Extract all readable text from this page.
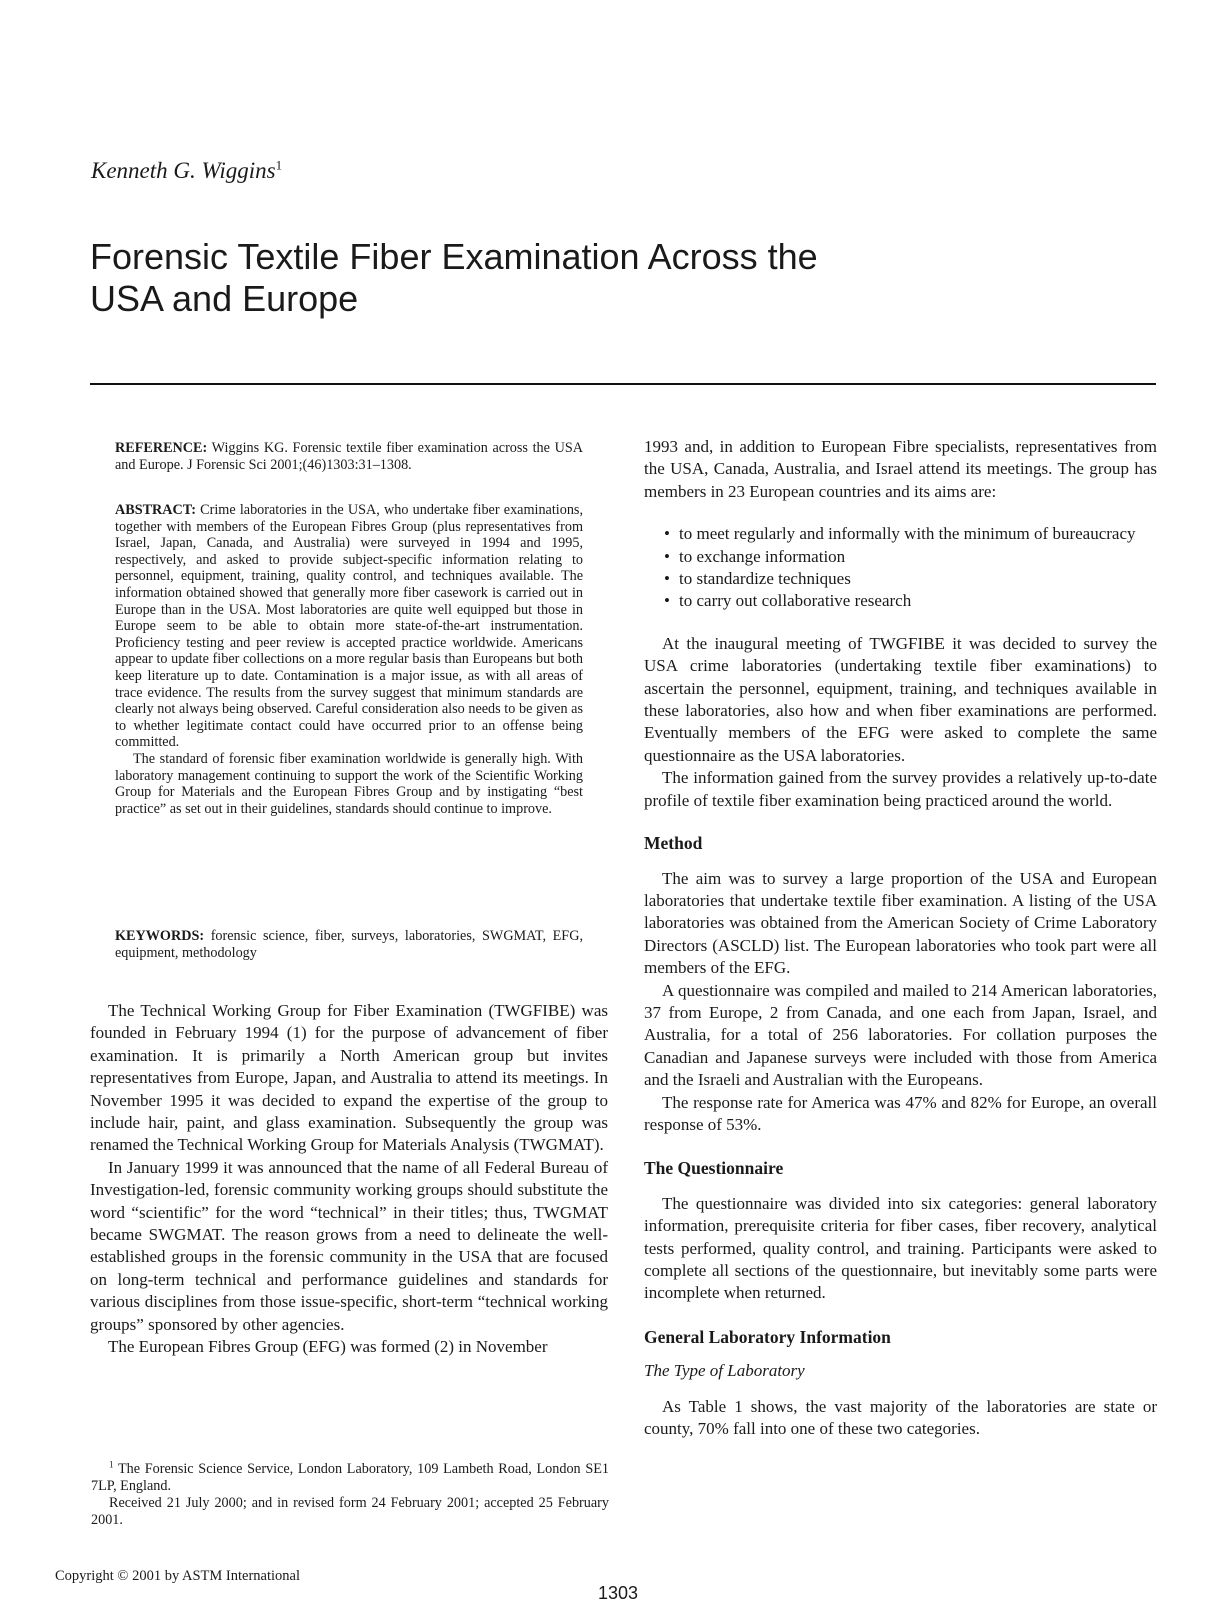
Kenneth G. Wiggins$^1$
Forensic Textile Fiber Examination Across the
USA and Europe

REFERENCE: Wiggins KG. Forensic textile fiber examination across the USA and Europe. J Forensic Sci 2001;(46)1303:31–1308.

ABSTRACT: Crime laboratories in the USA, who undertake fiber examinations, together with members of the European Fibres Group (plus representatives from Israel, Japan, Canada, and Australia) were surveyed in 1994 and 1995, respectively, and asked to provide subject-specific information relating to personnel, equipment, training, quality control, and techniques available. The information obtained showed that generally more fiber casework is carried out in Europe than in the USA. Most laboratories are quite well equipped but those in Europe seem to be able to obtain more state-of-the-art instrumentation. Proficiency testing and peer review is accepted practice worldwide. Americans appear to update fiber collections on a more regular basis than Europeans but both keep literature up to date. Contamination is a major issue, as with all areas of trace evidence. The results from the survey suggest that minimum standards are clearly not always being observed. Careful consideration also needs to be given as to whether legitimate contact could have occurred prior to an offense being committed.

The standard of forensic fiber examination worldwide is generally high. With laboratory management continuing to support the work of the Scientific Working Group for Materials and the European Fibres Group and by instigating “best practice” as set out in their guidelines, standards should continue to improve.

KEYWORDS: forensic science, fiber, surveys, laboratories, SWGMAT, EFG, equipment, methodology

The Technical Working Group for Fiber Examination (TWGFIBE) was founded in February 1994 (1) for the purpose of advancement of fiber examination. It is primarily a North American group but invites representatives from Europe, Japan, and Australia to attend its meetings. In November 1995 it was decided to expand the expertise of the group to include hair, paint, and glass examination. Subsequently the group was renamed the Technical Working Group for Materials Analysis (TWGMAT).

In January 1999 it was announced that the name of all Federal Bureau of Investigation-led, forensic community working groups should substitute the word “scientific” for the word “technical” in their titles; thus, TWGMAT became SWGMAT. The reason grows from a need to delineate the well-established groups in the forensic community in the USA that are focused on long-term technical and performance guidelines and standards for various disciplines from those issue-specific, short-term “technical working groups” sponsored by other agencies.

The European Fibres Group (EFG) was formed (2) in November

$^1$ The Forensic Science Service, London Laboratory, 109 Lambeth Road, London SE1 7LP, England.

Received 21 July 2000; and in revised form 24 February 2001; accepted 25 February 2001.

1993 and, in addition to European Fibre specialists, representatives from the USA, Canada, Australia, and Israel attend its meetings. The group has members in 23 European countries and its aims are:

• to meet regularly and informally with the minimum of bureaucracy
• to exchange information
• to standardize techniques
• to carry out collaborative research

At the inaugural meeting of TWGFIBE it was decided to survey the USA crime laboratories (undertaking textile fiber examinations) to ascertain the personnel, equipment, training, and techniques available in these laboratories, also how and when fiber examinations are performed. Eventually members of the EFG were asked to complete the same questionnaire as the USA laboratories.

The information gained from the survey provides a relatively up-to-date profile of textile fiber examination being practiced around the world.

Method

The aim was to survey a large proportion of the USA and European laboratories that undertake textile fiber examination. A listing of the USA laboratories was obtained from the American Society of Crime Laboratory Directors (ASCLD) list. The European laboratories who took part were all members of the EFG.

A questionnaire was compiled and mailed to 214 American laboratories, 37 from Europe, 2 from Canada, and one each from Japan, Israel, and Australia, for a total of 256 laboratories. For collation purposes the Canadian and Japanese surveys were included with those from America and the Israeli and Australian with the Europeans.

The response rate for America was 47% and 82% for Europe, an overall response of 53%.

The Questionnaire

The questionnaire was divided into six categories: general laboratory information, prerequisite criteria for fiber cases, fiber recovery, analytical tests performed, quality control, and training. Participants were asked to complete all sections of the questionnaire, but inevitably some parts were incomplete when returned.

General Laboratory Information
The Type of Laboratory

As Table 1 shows, the vast majority of the laboratories are state or county, 70% fall into one of these two categories.

Copyright © 2001 by ASTM International
1303
